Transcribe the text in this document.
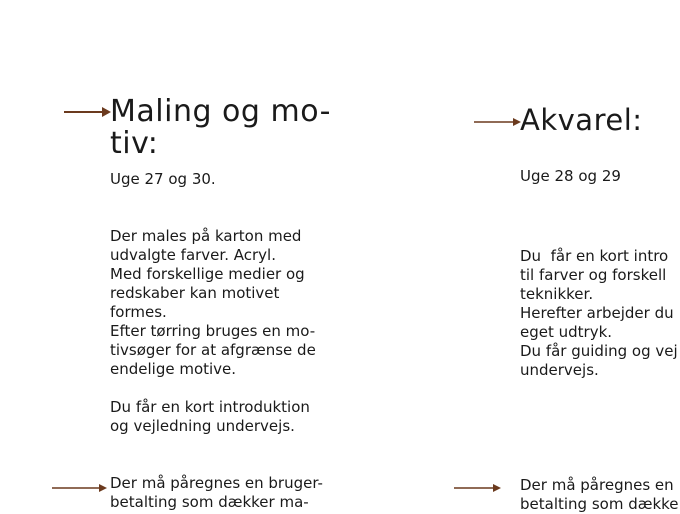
Maling og mo-
tiv:

Uge 27 og 30.

Der males på karton med
udvalgte farver. Acryl.
Med forskellige medier og
redskaber kan motivet
formes.
Efter tørring bruges en mo-
tivsøger for at afgrænse de
endelige motive.

Du får en kort introduktion
og vejledning undervejs.

Der må påregnes en bruger-
betalting som dækker ma-

Akvarel:

Uge 28 og 29

Du  får en kort intro
til farver og forskell
teknikker.
Herefter arbejder du
eget udtryk.
Du får guiding og vej
undervejs.

Der må påregnes en
betalting som dække
